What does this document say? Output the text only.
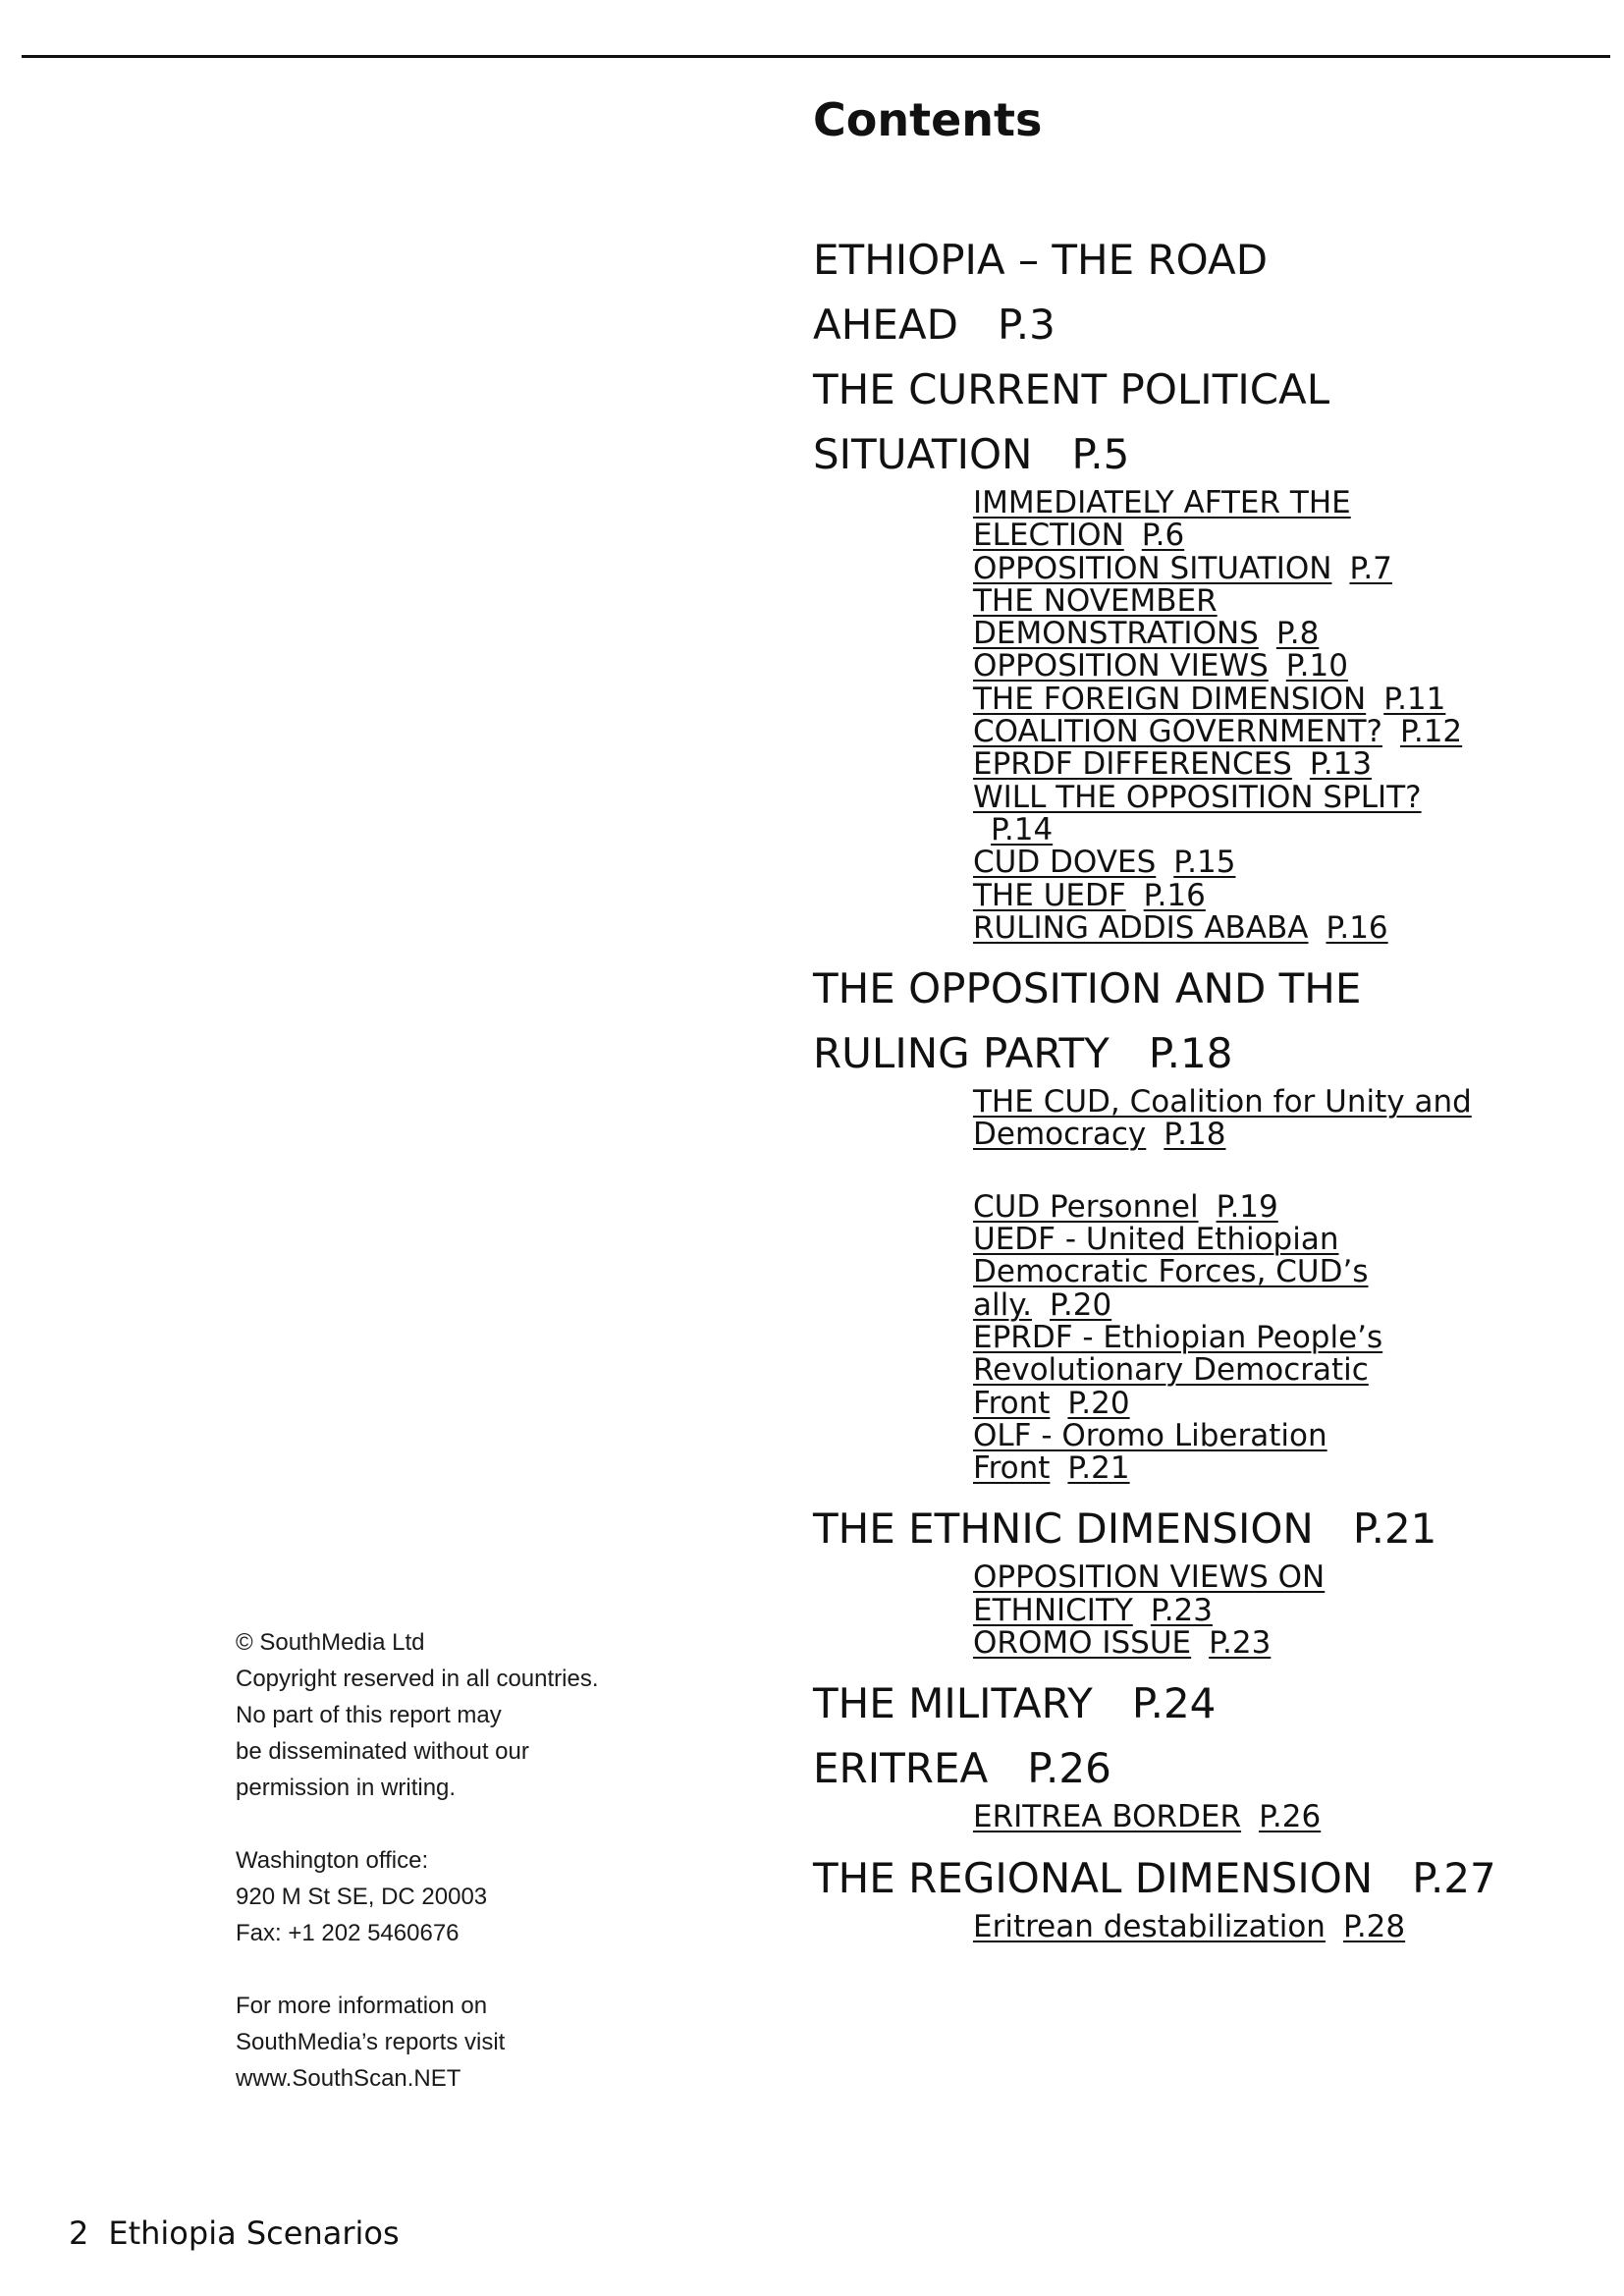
Contents
ETHIOPIA – THE ROAD AHEAD P.3
THE CURRENT POLITICAL SITUATION P.5
IMMEDIATELY AFTER THE ELECTION P.6
OPPOSITION SITUATION P.7
THE NOVEMBER DEMONSTRATIONS P.8
OPPOSITION VIEWS P.10
THE FOREIGN DIMENSION P.11
COALITION GOVERNMENT? P.12
EPRDF DIFFERENCES P.13
WILL THE OPPOSITION SPLIT?P.14
CUD DOVES P.15
THE UEDF P.16
RULING ADDIS ABABA P.16
THE OPPOSITION AND THE RULING PARTY P.18
THE CUD, Coalition for Unity and Democracy P.18
CUD Personnel P.19
UEDF - United Ethiopian Democratic Forces, CUD’s ally. P.20
EPRDF - Ethiopian People’s Revolutionary Democratic Front P.20
OLF - Oromo Liberation Front P.21
THE ETHNIC DIMENSION P.21
OPPOSITION VIEWS ON ETHNICITY P.23
OROMO ISSUE P.23
THE MILITARY P.24
ERITREA P.26
ERITREA BORDER P.26
THE REGIONAL DIMENSION P.27
Eritrean destabilization P.28

© SouthMedia Ltd
Copyright reserved in all countries.
No part of this report may
be disseminated without our
permission in writing.

Washington office:
920 M St SE, DC 20003
Fax: +1 202 5460676

For more information on
SouthMedia’s reports visit
www.SouthScan.NET

2 Ethiopia Scenarios
